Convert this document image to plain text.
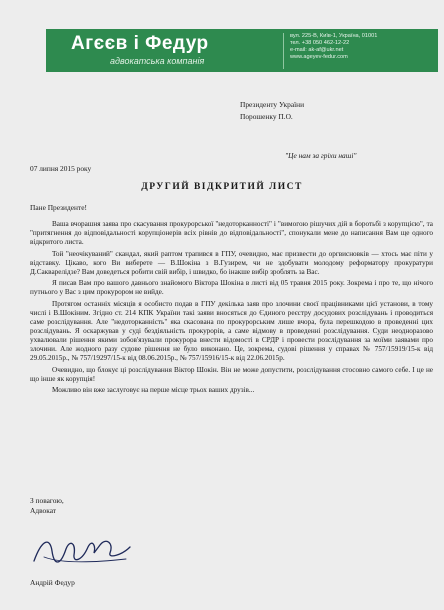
Агєєв і Федур
адвокатська компанія
вул. 225-В, Київ-1, Україна, 01001
тел. +38 050 462-12-22
e-mail: ak-af@ukr.net
www.ageyev-fedur.com
Президенту України
Порошенку П.О.
"Це нам за гріхи наші"
07 липня 2015 року
ДРУГИЙ ВІДКРИТИЙ ЛИСТ
Пане Президенте!

Ваша вчорашня заява про скасування прокурорської "недоторканності" і "вимогою рішучих дій в боротьбі з корупцією", та "притягнення до відповідальності корупціонерів всіх рівнів до відповідальності", спонукали мене до написання Вам ще одного відкритого листа.

Той "неочікуваний" скандал, який раптом трапився в ГПУ, очевидно, має призвести до оргвисновків — хтось має піти у відставку. Цікаво, кого Ви виберете — В.Шокіна з В.Гузирем, чи не здобувати молодому реформатору прокуратури Д.Сакварелідзе? Вам доведеться робити свій вибір, і швидко, бо інакше вибір зроблять за Вас.

Я писав Вам про вашого давнього знайомого Віктора Шокіна в листі від 05 травня 2015 року. Зокрема і про те, що нічого путнього у Вас з цим прокурором не вийде.

Протягом останніх місяців я особисто подав в ГПУ декілька заяв про злочини своєї працівниками цієї установи, в тому числі і В.Шокіним. Згідно ст. 214 КПК України такі заяви вносяться до Єдиного реєстру досудових розслідувань і проводиться саме розслідування. Але "недоторканність" яка скасована по прокурорським лише вчора, була перешкодою в проведенні цих розслідувань. Я оскаржував у суді бездіяльність прокурорів, а саме відмову в проведенні розслідування. Суди неодноразово ухвалювали рішення якими зобов'язували прокурора внести відомості в СРДР і провести розслідування за моїми заявами про злочини. Але жодного разу судове рішення не було виконано. Це, зокрема, судові рішення у справах № 757/15919/15-к від 29.05.2015р., № 757/19297/15-к від 08.06.2015р., № 757/15916/15-к від 22.06.2015р.

Очевидно, що блокує ці розслідування Віктор Шокін. Він не може допустити, розслідування стосовно самого себе. І це не що інше як корупція!

Можливо він вже заслуговує на перше місце трьох ваших друзів...

З повагою,
Адвокат
Андрій Федур
